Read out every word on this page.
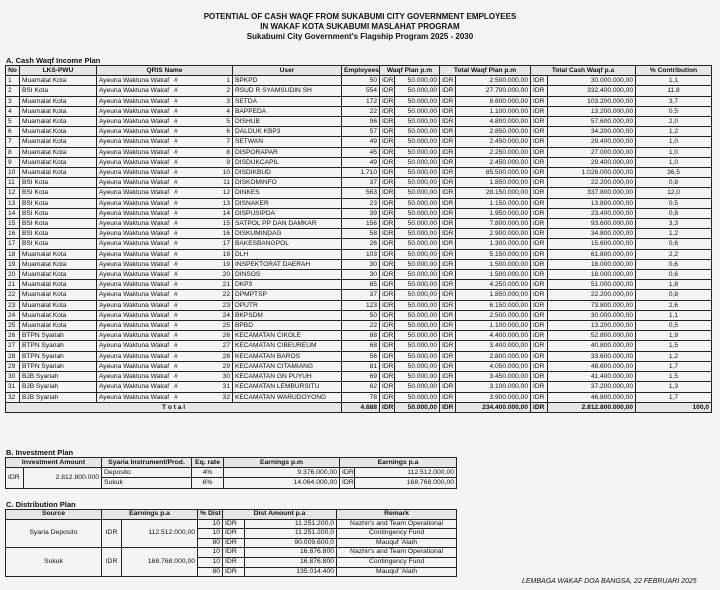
POTENTIAL OF CASH WAQF FROM SUKABUMI CITY GOVERNMENT EMPLOYEES
IN WAKAF KOTA SUKABUMI MASLAHAT PROGRAM
Sukabumi City Government's Flagship Program 2025 - 2030
A. Cash Waqf Income Plan
No	LKS-PWU	QRIS Name	User	Employees	Waqf Plan p.m		Total Waqf Plan p.m		Total Cash Waqf p.a		% Contribution
1	Muamalat Kota	Ayeuna Waktuna Wakaf # 1	BPKPD	50	IDR	50.000,00	IDR	2.500.000,00	IDR	30.000.000,00	1,1
2	BSI Kota	Ayeuna Waktuna Wakaf # 2	RSUD R SYAMSUDIN SH	554	IDR	50.000,00	IDR	27.700.000,00	IDR	332.400.000,00	11,8
3	Muamalat Kota	Ayeuna Waktuna Wakaf # 3	SETDA	172	IDR	50.000,00	IDR	8.600.000,00	IDR	103.200.000,00	3,7
4	Muamalat Kota	Ayeuna Waktuna Wakaf # 4	BAPPEDA	22	IDR	50.000,00	IDR	1.100.000,00	IDR	13.200.000,00	0,5
5	Muamalat Kota	Ayeuna Waktuna Wakaf # 5	DISHUB	96	IDR	50.000,00	IDR	4.800.000,00	IDR	57.600.000,00	2,0
6	Muamalat Kota	Ayeuna Waktuna Wakaf # 6	DALDUK KBP3	57	IDR	50.000,00	IDR	2.850.000,00	IDR	34.200.000,00	1,2
7	Muamalat Kota	Ayeuna Waktuna Wakaf # 7	SETWAN	49	IDR	50.000,00	IDR	2.450.000,00	IDR	29.400.000,00	1,0
8	Muamalat Kota	Ayeuna Waktuna Wakaf # 8	DISPORAPAR	45	IDR	50.000,00	IDR	2.250.000,00	IDR	27.000.000,00	1,0
9	Muamalat Kota	Ayeuna Waktuna Wakaf # 9	DISDUKCAPIL	49	IDR	50.000,00	IDR	2.450.000,00	IDR	29.400.000,00	1,0
10	Muamalat Kota	Ayeuna Waktuna Wakaf # 10	DISDIKBUD	1.710	IDR	50.000,00	IDR	85.500.000,00	IDR	1.026.000.000,00	36,5
11	BSI Kota	Ayeuna Waktuna Wakaf # 11	DISKOMINFO	37	IDR	50.000,00	IDR	1.850.000,00	IDR	22.200.000,00	0,8
12	BSI Kota	Ayeuna Waktuna Wakaf # 12	DINKES	563	IDR	50.000,00	IDR	28.150.000,00	IDR	337.800.000,00	12,0
13	BSI Kota	Ayeuna Waktuna Wakaf # 13	DISNAKER	23	IDR	50.000,00	IDR	1.150.000,00	IDR	13.800.000,00	0,5
14	BSI Kota	Ayeuna Waktuna Wakaf # 14	DISPUSIPDA	39	IDR	50.000,00	IDR	1.950.000,00	IDR	23.400.000,00	0,8
15	BSI Kota	Ayeuna Waktuna Wakaf # 15	SATPOL PP DAN DAMKAR	156	IDR	50.000,00	IDR	7.800.000,00	IDR	93.600.000,00	3,3
16	BSI Kota	Ayeuna Waktuna Wakaf # 16	DISKUMINDAG	58	IDR	50.000,00	IDR	2.900.000,00	IDR	34.800.000,00	1,2
17	BSI Kota	Ayeuna Waktuna Wakaf # 17	BAKESBANGPOL	26	IDR	50.000,00	IDR	1.300.000,00	IDR	15.600.000,00	0,6
18	Muamalat Kota	Ayeuna Waktuna Wakaf # 18	DLH	103	IDR	50.000,00	IDR	5.150.000,00	IDR	61.800.000,00	2,2
19	Muamalat Kota	Ayeuna Waktuna Wakaf # 19	INSPEKTORAT DAERAH	30	IDR	50.000,00	IDR	1.500.000,00	IDR	18.000.000,00	0,6
20	Muamalat Kota	Ayeuna Waktuna Wakaf # 20	DINSOS	30	IDR	50.000,00	IDR	1.500.000,00	IDR	18.000.000,00	0,6
21	Muamalat Kota	Ayeuna Waktuna Wakaf # 21	DKP3	85	IDR	50.000,00	IDR	4.250.000,00	IDR	51.000.000,00	1,8
22	Muamalat Kota	Ayeuna Waktuna Wakaf # 22	DPMPTSP	37	IDR	50.000,00	IDR	1.850.000,00	IDR	22.200.000,00	0,8
23	Muamalat Kota	Ayeuna Waktuna Wakaf # 23	DPUTR	123	IDR	50.000,00	IDR	6.150.000,00	IDR	73.800.000,00	2,6
24	Muamalat Kota	Ayeuna Waktuna Wakaf # 24	BKPSDM	50	IDR	50.000,00	IDR	2.500.000,00	IDR	30.000.000,00	1,1
25	Muamalat Kota	Ayeuna Waktuna Wakaf # 25	BPBD	22	IDR	50.000,00	IDR	1.100.000,00	IDR	13.200.000,00	0,5
26	BTPN Syariah	Ayeuna Waktuna Wakaf # 26	KECAMATAN CIKOLE	88	IDR	50.000,00	IDR	4.400.000,00	IDR	52.800.000,00	1,9
27	BTPN Syariah	Ayeuna Waktuna Wakaf # 27	KECAMATAN CIBEUREUM	68	IDR	50.000,00	IDR	3.400.000,00	IDR	40.800.000,00	1,5
28	BTPN Syariah	Ayeuna Waktuna Wakaf # 28	KECAMATAN BAROS	56	IDR	50.000,00	IDR	2.800.000,00	IDR	33.600.000,00	1,2
29	BTPN Syariah	Ayeuna Waktuna Wakaf # 29	KECAMATAN CITAMIANG	81	IDR	50.000,00	IDR	4.050.000,00	IDR	48.600.000,00	1,7
30	BJB Syariah	Ayeuna Waktuna Wakaf # 30	KECAMATAN GN PUYUH	69	IDR	50.000,00	IDR	3.450.000,00	IDR	41.400.000,00	1,5
31	BJB Syariah	Ayeuna Waktuna Wakaf # 31	KECAMATAN LEMBURSITU	62	IDR	50.000,00	IDR	3.100.000,00	IDR	37.200.000,00	1,3
32	BJB Syariah	Ayeuna Waktuna Wakaf # 32	KECAMATAN WARUDOYONG	78	IDR	50.000,00	IDR	3.900.000,00	IDR	46.800.000,00	1,7
T o t a l				4.688	IDR	50.000,00	IDR	234.400.000,00	IDR	2.812.800.000,00	100,0
B. Investment Plan
Investment Amount		Syaria Instrument/Prod.	Eq. rate	Earnings p.m	Earnings p.a	
IDR	2.812.800.000	Deposito	4%	9.376.000,00	IDR	112.512.000,00
		Sukuk	6%	14.064.000,00	IDR	168.768.000,00
C. Distribution Plan
Source	Earnings p.a		% Dist	Dist Amount p.a		Remark
Syaria Deposito	IDR	112.512.000,00	10	IDR	11.251.200,0	Nazhir's and Team Operational
			10	IDR	11.251.200,0	Contingency Fund
			80	IDR	90.009.600,0	Mauquf 'Alaih
Sukuk	IDR	168.768.000,00	10	IDR	16.876.800	Nazhir's and Team Operational
			10	IDR	16.876.800	Contingency Fund
			80	IDR	135.014.400	Mauquf 'Alaih
LEMBAGA WAKAF DOA BANGSA, 22 FEBRUARI 2025
